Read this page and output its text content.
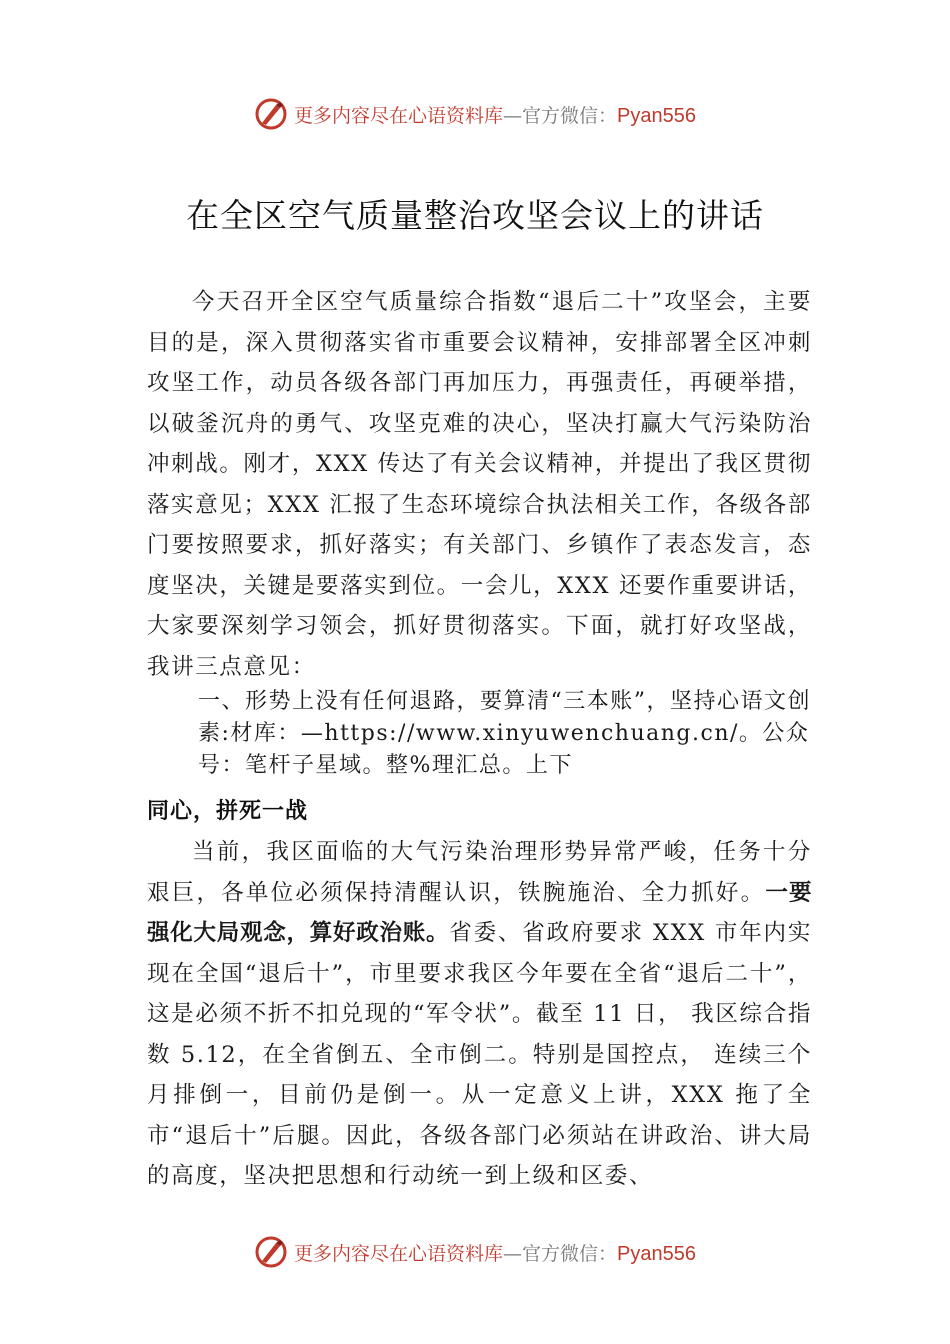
更多内容尽在心语资料库—官方微信：Pyan556
在全区空气质量整治攻坚会议上的讲话

今天召开全区空气质量综合指数“退后二十”攻坚会，主要目的是，深入贯彻落实省市重要会议精神，安排部署全区冲刺攻坚工作，动员各级各部门再加压力，再强责任，再硬举措，以破釜沉舟的勇气、攻坚克难的决心，坚决打赢大气污染防治冲刺战。刚才，XXX 传达了有关会议精神，并提出了我区贯彻落实意见；XXX 汇报了生态环境综合执法相关工作，各级各部门要按照要求，抓好落实；有关部门、乡镇作了表态发言，态度坚决，关键是要落实到位。一会儿，XXX 还要作重要讲话，大家要深刻学习领会，抓好贯彻落实。下面，就打好攻坚战，我讲三点意见：

一、形势上没有任何退路，要算清“三本账”，坚持心语文创素:材库：—https://www.xinyuwenchuang.cn/。公众号：笔杆子星域。整%理汇总。上下

同心，拼死一战

当前，我区面临的大气污染治理形势异常严峻，任务十分艰巨，各单位必须保持清醒认识，铁腕施治、全力抓好。一要强化大局观念，算好政治账。省委、省政府要求 XXX 市年内实现在全国“退后十”，市里要求我区今年要在全省“退后二十”，这是必须不折不扣兑现的“军令状”。截至 11 日， 我区综合指数 5.12，在全省倒五、全市倒二。特别是国控点， 连续三个月排倒一，目前仍是倒一。从一定意义上讲，XXX 拖了全市“退后十”后腿。因此，各级各部门必须站在讲政治、讲大局的高度，坚决把思想和行动统一到上级和区委、

更多内容尽在心语资料库—官方微信：Pyan556
